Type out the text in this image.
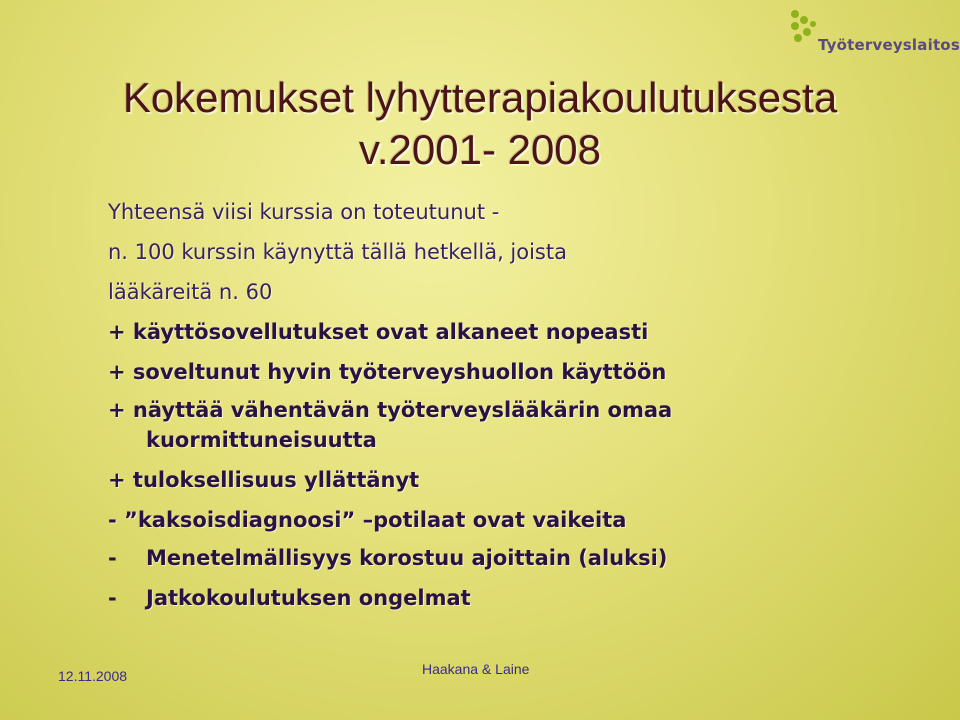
Työterveyslaitos
Kokemukset lyhytterapiakoulutuksesta
v.2001- 2008
Yhteensä viisi kurssia on toteutunut -
n. 100 kurssin käynyttä tällä hetkellä, joista
lääkäreitä n. 60
+ käyttösovellutukset ovat alkaneet nopeasti
+ soveltunut hyvin työterveyshuollon käyttöön
+ näyttää vähentävän työterveyslääkärin omaa
kuormittuneisuutta
+ tuloksellisuus yllättänyt
- ”kaksoisdiagnoosi” –potilaat ovat vaikeita
- Menetelmällisyys korostuu ajoittain (aluksi)
- Jatkokoulutuksen ongelmat
12.11.2008	Haakana & Laine
